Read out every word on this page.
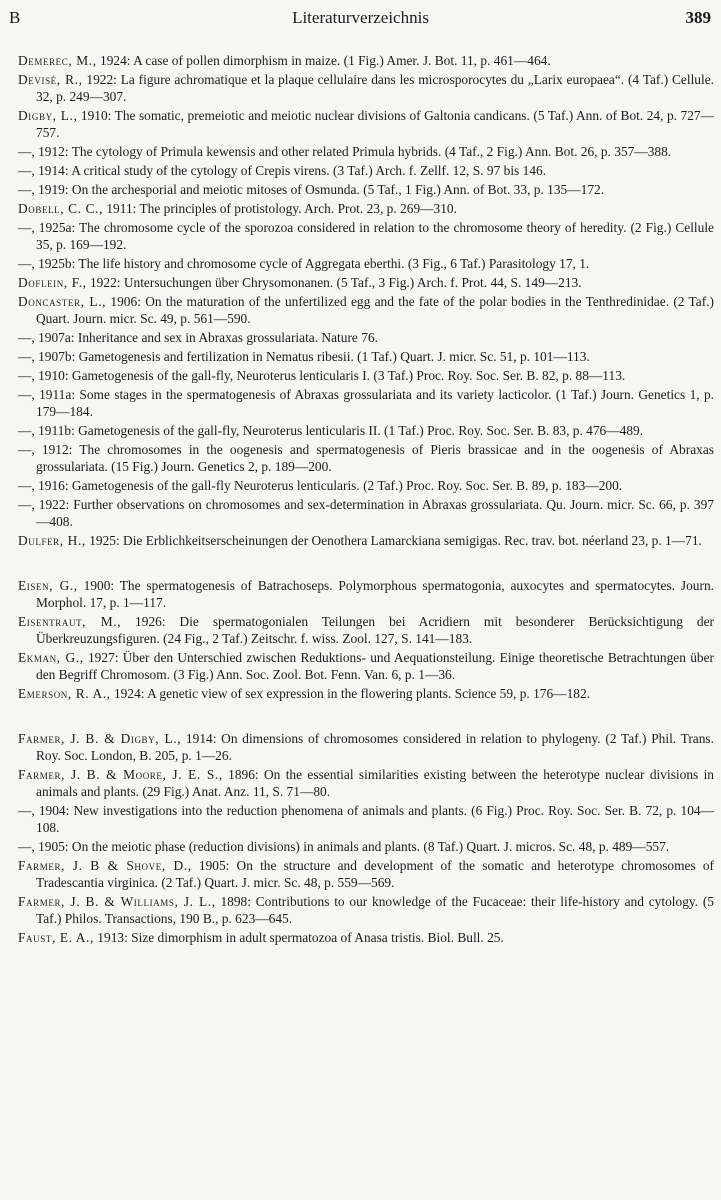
B	Literaturverzeichnis	389

Demerec, M., 1924: A case of pollen dimorphism in maize. (1 Fig.) Amer. J. Bot. 11, p. 461—464.

Devisé, R., 1922: La figure achromatique et la plaque cellulaire dans les microsporocytes du „Larix europaea“. (4 Taf.) Cellule. 32, p. 249—307.

Digby, L., 1910: The somatic, premeiotic and meiotic nuclear divisions of Galtonia candicans. (5 Taf.) Ann. of Bot. 24, p. 727—757.

—, 1912: The cytology of Primula kewensis and other related Primula hybrids. (4 Taf., 2 Fig.) Ann. Bot. 26, p. 357—388.

—, 1914: A critical study of the cytology of Crepis virens. (3 Taf.) Arch. f. Zellf. 12, S. 97 bis 146.

—, 1919: On the archesporial and meiotic mitoses of Osmunda. (5 Taf., 1 Fig.) Ann. of Bot. 33, p. 135—172.

Dobell, C. C., 1911: The principles of protistology. Arch. Prot. 23, p. 269—310.

—, 1925a: The chromosome cycle of the sporozoa considered in relation to the chromosome theory of heredity. (2 Fig.) Cellule 35, p. 169—192.

—, 1925b: The life history and chromosome cycle of Aggregata eberthi. (3 Fig., 6 Taf.) Parasitology 17, 1.

Doflein, F., 1922: Untersuchungen über Chrysomonanen. (5 Taf., 3 Fig.) Arch. f. Prot. 44, S. 149—213.

Doncaster, L., 1906: On the maturation of the unfertilized egg and the fate of the polar bodies in the Tenthredinidae. (2 Taf.) Quart. Journ. micr. Sc. 49, p. 561—590.

—, 1907a: Inheritance and sex in Abraxas grossulariata. Nature 76.

—, 1907b: Gametogenesis and fertilization in Nematus ribesii. (1 Taf.) Quart. J. micr. Sc. 51, p. 101—113.

—, 1910: Gametogenesis of the gall-fly, Neuroterus lenticularis I. (3 Taf.) Proc. Roy. Soc. Ser. B. 82, p. 88—113.

—, 1911a: Some stages in the spermatogenesis of Abraxas grossulariata and its variety lacticolor. (1 Taf.) Journ. Genetics 1, p. 179—184.

—, 1911b: Gametogenesis of the gall-fly, Neuroterus lenticularis II. (1 Taf.) Proc. Roy. Soc. Ser. B. 83, p. 476—489.

—, 1912: The chromosomes in the oogenesis and spermatogenesis of Pieris brassicae and in the oogenesis of Abraxas grossulariata. (15 Fig.) Journ. Genetics 2, p. 189—200.

—, 1916: Gametogenesis of the gall-fly Neuroterus lenticularis. (2 Taf.) Proc. Roy. Soc. Ser. B. 89, p. 183—200.

—, 1922: Further observations on chromosomes and sex-determination in Abraxas grossulariata. Qu. Journ. micr. Sc. 66, p. 397—408.

Dulfer, H., 1925: Die Erblichkeitserscheinungen der Oenothera Lamarckiana semigigas. Rec. trav. bot. néerland 23, p. 1—71.

Eisen, G., 1900: The spermatogenesis of Batrachoseps. Polymorphous spermatogonia, auxocytes and spermatocytes. Journ. Morphol. 17, p. 1—117.

Eisentraut, M., 1926: Die spermatogonialen Teilungen bei Acridiern mit besonderer Berücksichtigung der Überkreuzungsfiguren. (24 Fig., 2 Taf.) Zeitschr. f. wiss. Zool. 127, S. 141—183.

Ekman, G., 1927: Über den Unterschied zwischen Reduktions- und Aequationsteilung. Einige theoretische Betrachtungen über den Begriff Chromosom. (3 Fig.) Ann. Soc. Zool. Bot. Fenn. Van. 6, p. 1—36.

Emerson, R. A., 1924: A genetic view of sex expression in the flowering plants. Science 59, p. 176—182.

Farmer, J. B. & Digby, L., 1914: On dimensions of chromosomes considered in relation to phylogeny. (2 Taf.) Phil. Trans. Roy. Soc. London, B. 205, p. 1—26.

Farmer, J. B. & Moore, J. E. S., 1896: On the essential similarities existing between the heterotype nuclear divisions in animals and plants. (29 Fig.) Anat. Anz. 11, S. 71—80.

—, 1904: New investigations into the reduction phenomena of animals and plants. (6 Fig.) Proc. Roy. Soc. Ser. B. 72, p. 104—108.

—, 1905: On the meiotic phase (reduction divisions) in animals and plants. (8 Taf.) Quart. J. micros. Sc. 48, p. 489—557.

Farmer, J. B & Shove, D., 1905: On the structure and development of the somatic and heterotype chromosomes of Tradescantia virginica. (2 Taf.) Quart. J. micr. Sc. 48, p. 559—569.

Farmer, J. B. & Williams, J. L., 1898: Contributions to our knowledge of the Fucaceae: their life-history and cytology. (5 Taf.) Philos. Transactions, 190 B., p. 623—645.

Faust, E. A., 1913: Size dimorphism in adult spermatozoa of Anasa tristis. Biol. Bull. 25.
